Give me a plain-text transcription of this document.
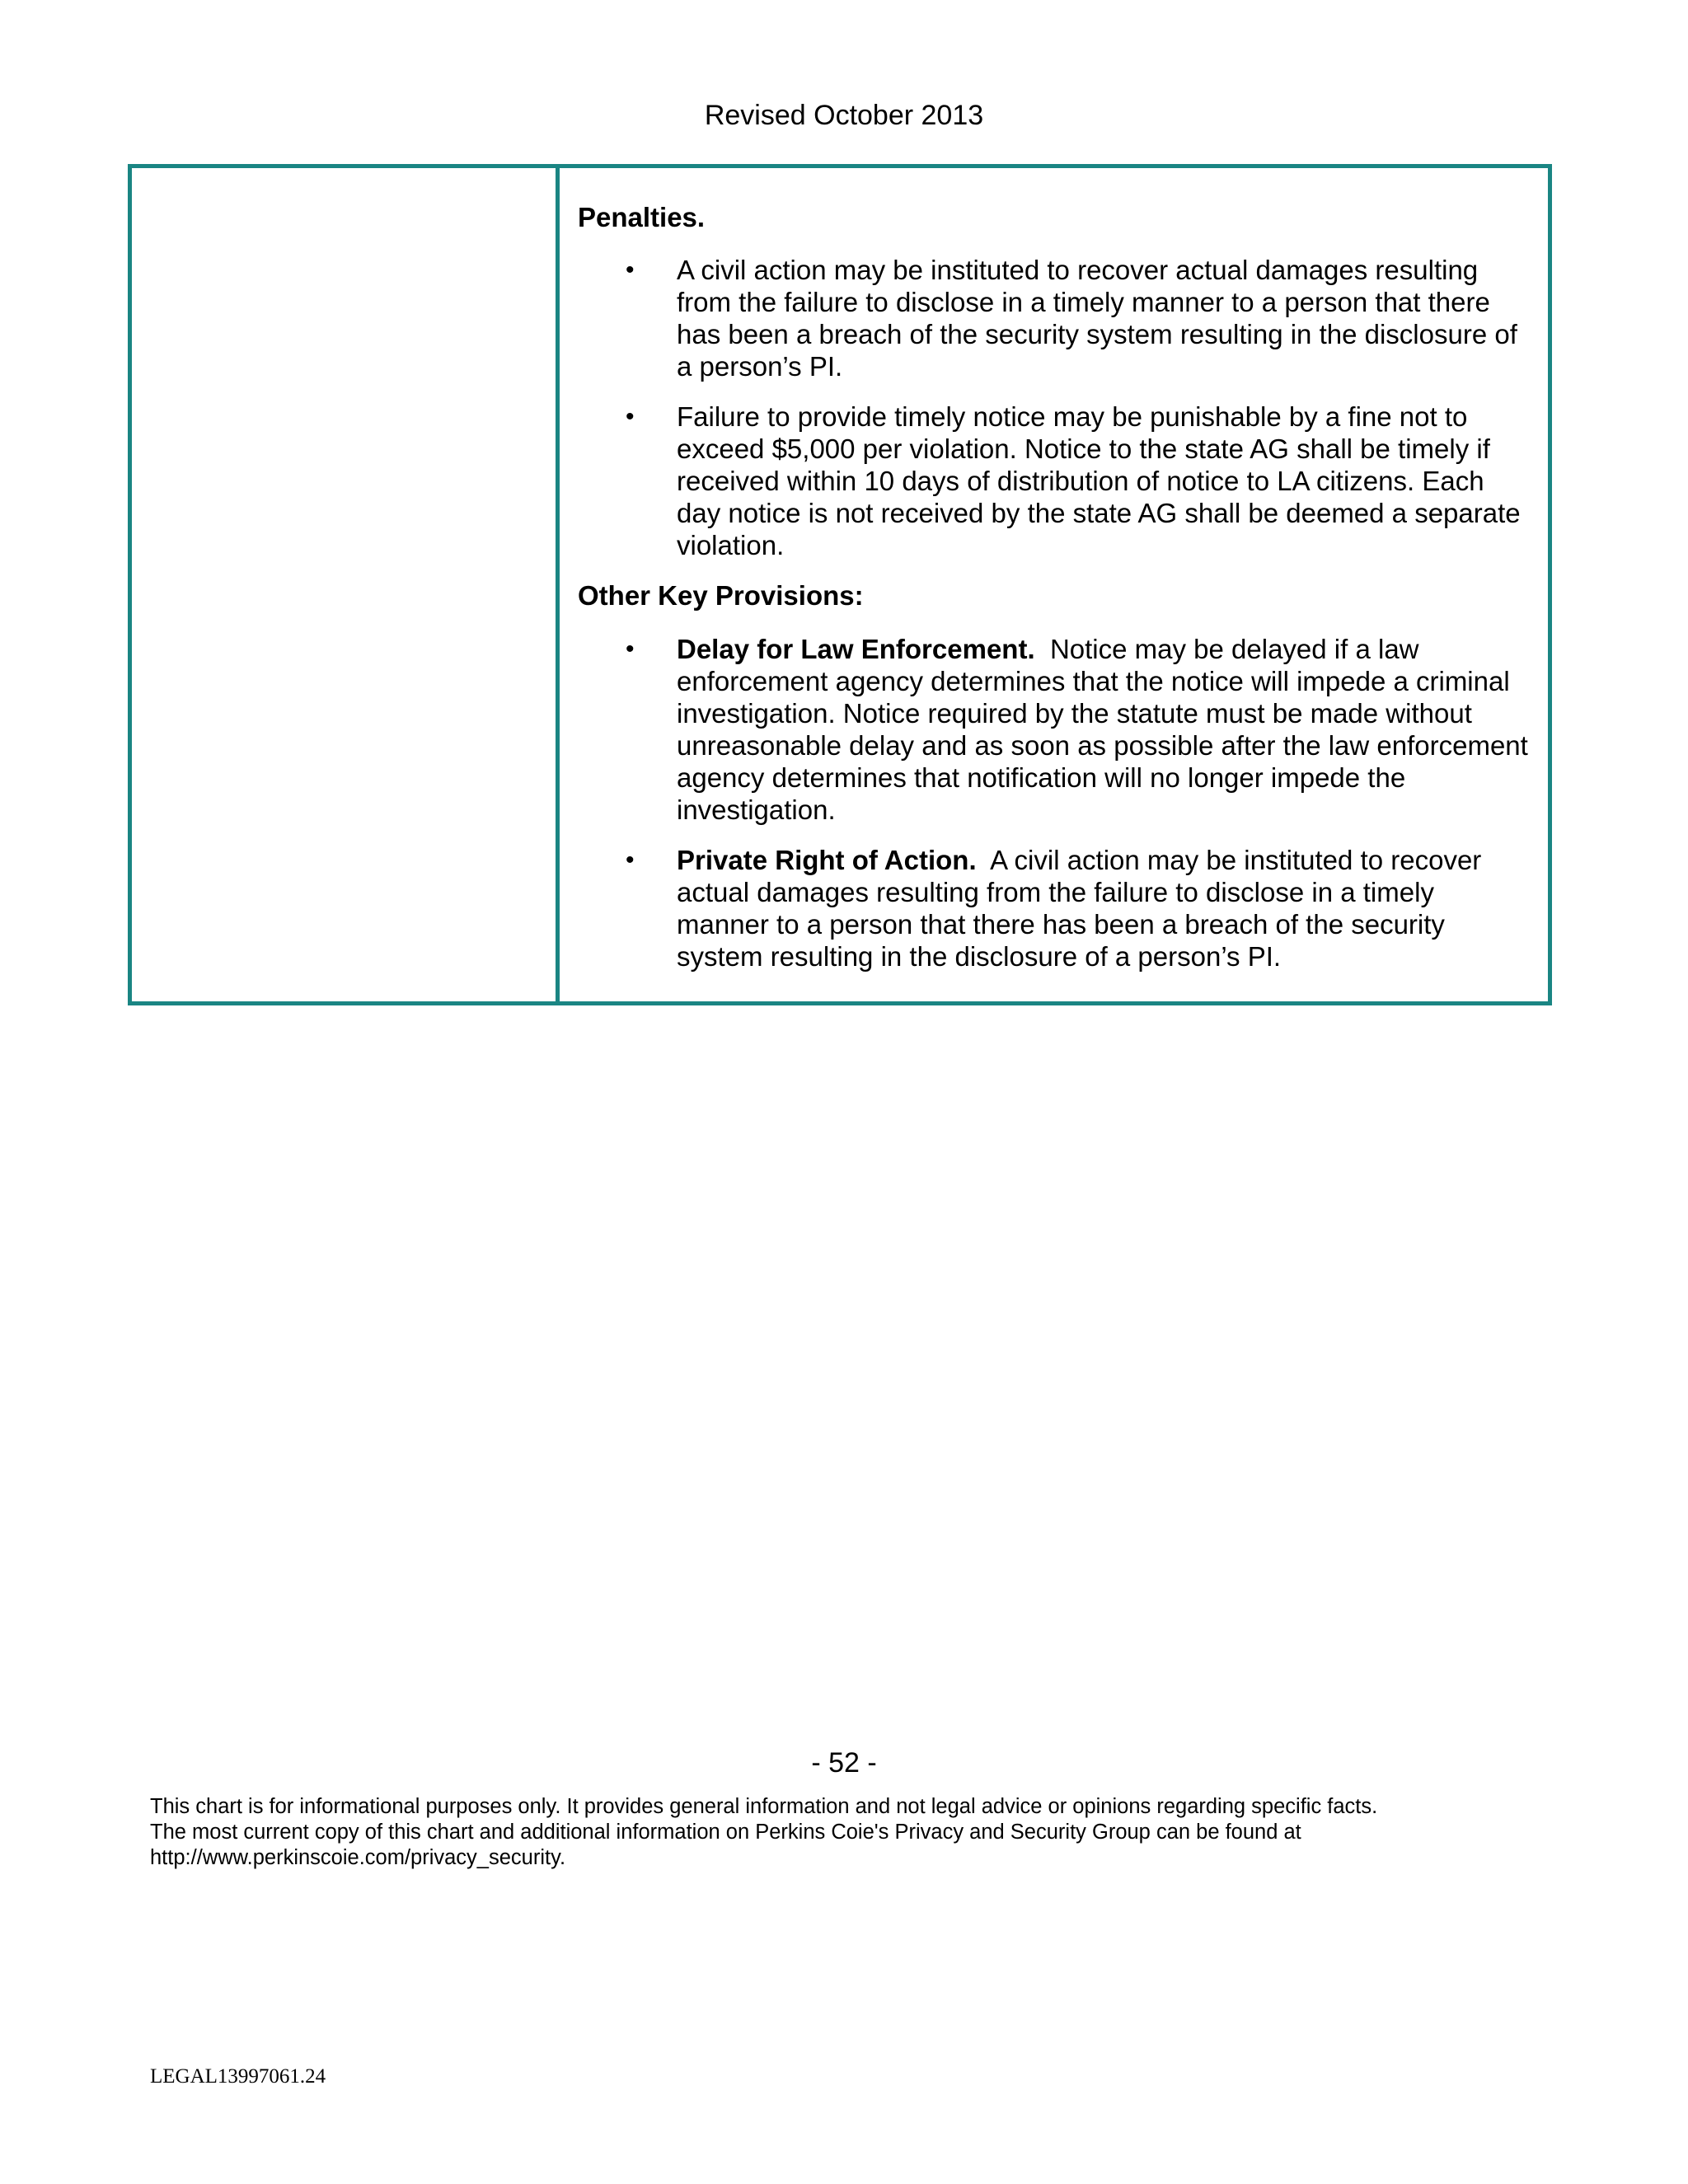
Revised October 2013

Penalties.

• A civil action may be instituted to recover actual damages resulting from the failure to disclose in a timely manner to a person that there has been a breach of the security system resulting in the disclosure of a person’s PI.
• Failure to provide timely notice may be punishable by a fine not to exceed $5,000 per violation. Notice to the state AG shall be timely if received within 10 days of distribution of notice to LA citizens. Each day notice is not received by the state AG shall be deemed a separate violation.

Other Key Provisions:

• Delay for Law Enforcement. Notice may be delayed if a law enforcement agency determines that the notice will impede a criminal investigation. Notice required by the statute must be made without unreasonable delay and as soon as possible after the law enforcement agency determines that notification will no longer impede the investigation.
• Private Right of Action. A civil action may be instituted to recover actual damages resulting from the failure to disclose in a timely manner to a person that there has been a breach of the security system resulting in the disclosure of a person’s PI.
- 52 -
This chart is for informational purposes only. It provides general information and not legal advice or opinions regarding specific facts.
The most current copy of this chart and additional information on Perkins Coie's Privacy and Security Group can be found at
http://www.perkinscoie.com/privacy_security.
LEGAL13997061.24
